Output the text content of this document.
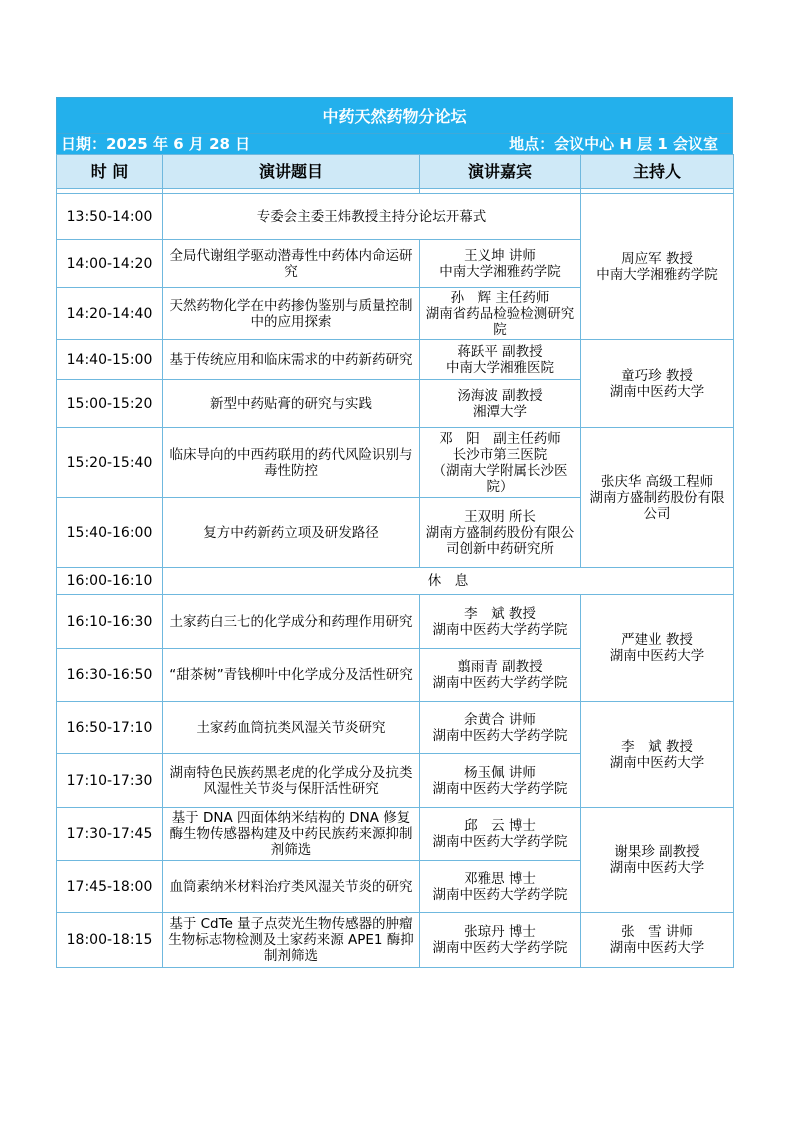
中药天然药物分论坛
日期：2025 年 6 月 28 日	地点：会议中心 H 层 1 会议室
时 间	演讲题目	演讲嘉宾	主持人

13:50-14:00	专委会主委王炜教授主持分论坛开幕式		周应军 教授
中南大学湘雅药学院
14:00-14:20	全局代谢组学驱动潜毒性中药体内命运研究	王义坤 讲师
中南大学湘雅药学院	
14:20-14:40	天然药物化学在中药掺伪鉴别与质量控制中的应用探索	孙　辉 主任药师
湖南省药品检验检测研究院	
14:40-15:00	基于传统应用和临床需求的中药新药研究	蒋跃平 副教授
中南大学湘雅医院	童巧珍 教授
湖南中医药大学
15:00-15:20	新型中药贴膏的研究与实践	汤海波 副教授
湘潭大学	
15:20-15:40	临床导向的中西药联用的药代风险识别与毒性防控	邓　阳　副主任药师
长沙市第三医院
（湖南大学附属长沙医院）	张庆华 高级工程师
湖南方盛制药股份有限公司
15:40-16:00	复方中药新药立项及研发路径	王双明 所长
湖南方盛制药股份有限公司创新中药研究所	
16:00-16:10	休　息		
16:10-16:30	土家药白三七的化学成分和药理作用研究	李　斌 教授
湖南中医药大学药学院	严建业 教授
湖南中医药大学
16:30-16:50	“甜茶树”青钱柳叶中化学成分及活性研究	翦雨青 副教授
湖南中医药大学药学院	
16:50-17:10	土家药血筒抗类风湿关节炎研究	余黄合 讲师
湖南中医药大学药学院	李　斌 教授
湖南中医药大学
17:10-17:30	湖南特色民族药黑老虎的化学成分及抗类风湿性关节炎与保肝活性研究	杨玉佩 讲师
湖南中医药大学药学院	
17:30-17:45	基于 DNA 四面体纳米结构的 DNA 修复酶生物传感器构建及中药民族药来源抑制剂筛选	邱　云 博士
湖南中医药大学药学院	谢果珍 副教授
湖南中医药大学
17:45-18:00	血筒素纳米材料治疗类风湿关节炎的研究	邓雅思 博士
湖南中医药大学药学院	
18:00-18:15	基于 CdTe 量子点荧光生物传感器的肿瘤生物标志物检测及土家药来源 APE1 酶抑制剂筛选	张琼丹 博士
湖南中医药大学药学院	张　雪 讲师
湖南中医药大学
